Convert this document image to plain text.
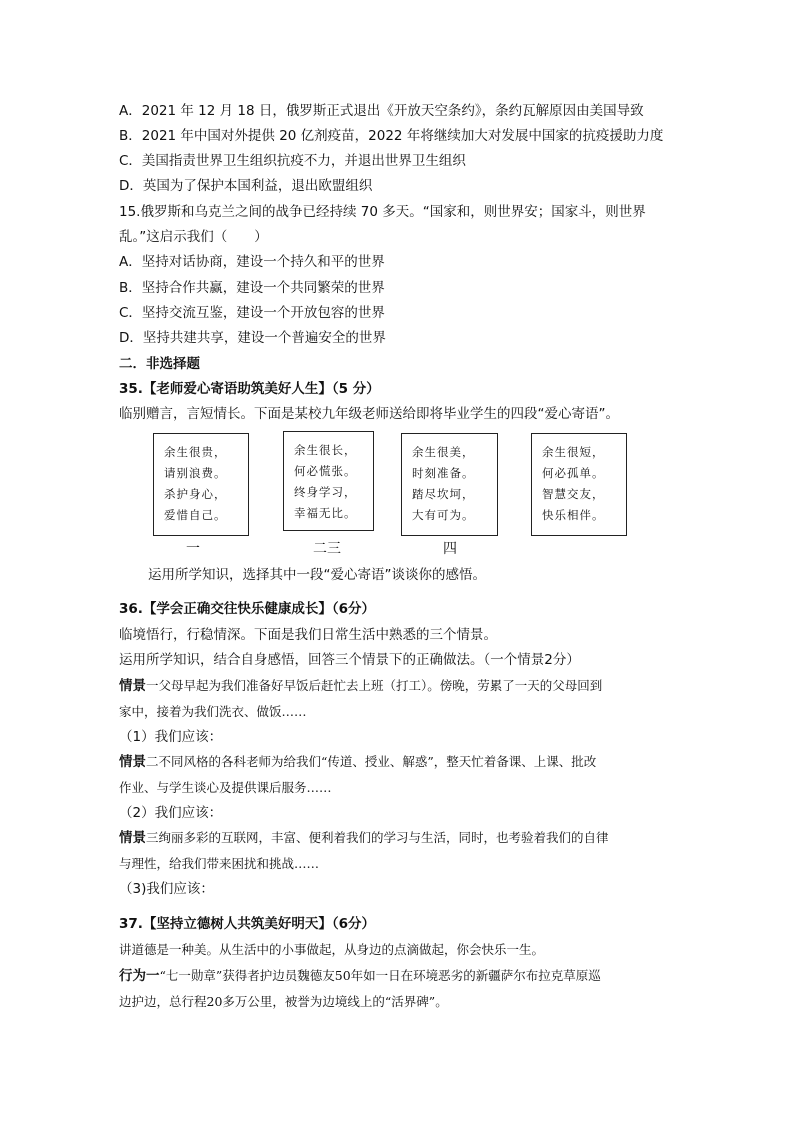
A．2021 年 12 月 18 日，俄罗斯正式退出《开放天空条约》，条约瓦解原因由美国导致
B．2021 年中国对外提供 20 亿剂疫苗，2022 年将继续加大对发展中国家的抗疫援助力度
C．美国指责世界卫生组织抗疫不力，并退出世界卫生组织
D．英国为了保护本国利益，退出欧盟组织
15.俄罗斯和乌克兰之间的战争已经持续 70 多天。“国家和，则世界安；国家斗，则世界
乱。”这启示我们（　　）
A．坚持对话协商，建设一个持久和平的世界
B．坚持合作共赢，建设一个共同繁荣的世界
C．坚持交流互鉴，建设一个开放包容的世界
D．坚持共建共享，建设一个普遍安全的世界
二．非选择题
35.【老师爱心寄语助筑美好人生】（5 分）
临别赠言，言短情长。下面是某校九年级老师送给即将毕业学生的四段“爱心寄语”。
余生很贵，
请别浪费。
杀护身心，
爱惜自己。
余生很长，
何必慌张。
终身学习，
幸福无比。
余生很美，
时刻准备。
踏尽坎坷，
大有可为。
余生很短，
何必孤单。
智慧交友，
快乐相伴。
一	二三	四
运用所学知识，选择其中一段“爱心寄语”谈谈你的感悟。
36.【学会正确交往快乐健康成长】（6分）
临境悟行，行稳情深。下面是我们日常生活中熟悉的三个情景。
运用所学知识，结合自身感悟，回答三个情景下的正确做法。（一个情景2分）
情景一父母早起为我们准备好早饭后赶忙去上班（打工）。傍晚，劳累了一天的父母回到
家中，接着为我们洗衣、做饭……
（1）我们应该：
情景二不同风格的各科老师为给我们“传道、授业、解惑”，整天忙着备课、上课、批改
作业、与学生谈心及提供课后服务……
（2）我们应该：
情景三绚丽多彩的互联网，丰富、便利着我们的学习与生活，同时，也考验着我们的自律
与理性，给我们带来困扰和挑战……
（3)我们应该：
37.【坚持立德树人共筑美好明天】（6分）
讲道德是一种美。从生活中的小事做起，从身边的点滴做起，你会快乐一生。
行为一“七一勋章”获得者护边员魏德友50年如一日在环境恶劣的新疆萨尔布拉克草原巡
边护边，总行程20多万公里，被誉为边境线上的“活界碑”。
